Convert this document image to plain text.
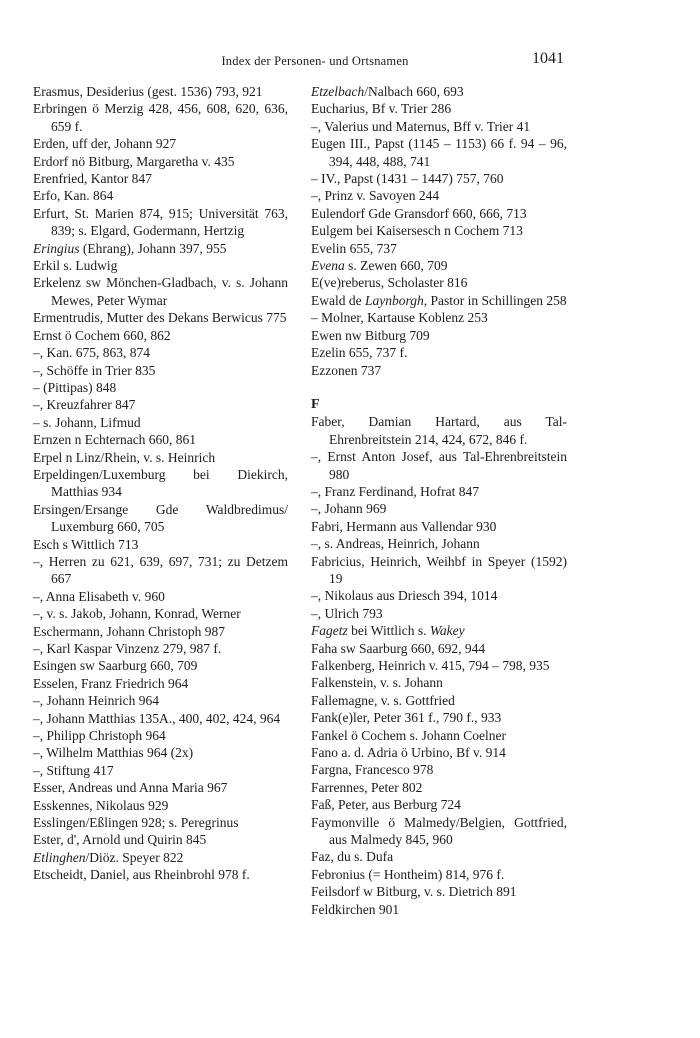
Index der Personen- und Ortsnamen	1041

Erasmus, Desiderius (gest. 1536) 793, 921

Erbringen ö Merzig 428, 456, 608, 620, 636, 659 f.

Erden, uff der, Johann 927

Erdorf nö Bitburg, Margaretha v. 435

Erenfried, Kantor 847

Erfo, Kan. 864

Erfurt, St. Marien 874, 915; Universität 763, 839; s. Elgard, Godermann, Hertzig

Eringius (Ehrang), Johann 397, 955

Erkil s. Ludwig

Erkelenz sw Mönchen-Gladbach, v. s. Johann Mewes, Peter Wymar

Ermentrudis, Mutter des Dekans Berwicus 775

Ernst ö Cochem 660, 862

–, Kan. 675, 863, 874

–, Schöffe in Trier 835

– (Pittipas) 848

–, Kreuzfahrer 847

– s. Johann, Lifmud

Ernzen n Echternach 660, 861

Erpel n Linz/Rhein, v. s. Heinrich

Erpeldingen/Luxemburg bei Diekirch, Matthias 934

Ersingen/Ersange Gde Waldbredimus/ Luxemburg 660, 705

Esch s Wittlich 713

–, Herren zu 621, 639, 697, 731; zu Detzem 667

–, Anna Elisabeth v. 960

–, v. s. Jakob, Johann, Konrad, Werner

Eschermann, Johann Christoph 987

–, Karl Kaspar Vinzenz 279, 987 f.

Esingen sw Saarburg 660, 709

Esselen, Franz Friedrich 964

–, Johann Heinrich 964

–, Johann Matthias 135A., 400, 402, 424, 964

–, Philipp Christoph 964

–, Wilhelm Matthias 964 (2x)

–, Stiftung 417

Esser, Andreas und Anna Maria 967

Esskennes, Nikolaus 929

Esslingen/Eßlingen 928; s. Peregrinus

Ester, d', Arnold und Quirin 845

Etlinghen/Diöz. Speyer 822

Etscheidt, Daniel, aus Rheinbrohl 978 f.

Etzelbach/Nalbach 660, 693

Eucharius, Bf v. Trier 286

–, Valerius und Maternus, Bff v. Trier 41

Eugen III., Papst (1145 – 1153) 66 f. 94 – 96, 394, 448, 488, 741

– IV., Papst (1431 – 1447) 757, 760

–, Prinz v. Savoyen 244

Eulendorf Gde Gransdorf 660, 666, 713

Eulgem bei Kaisersesch n Cochem 713

Evelin 655, 737

Evena s. Zewen 660, 709

E(ve)reberus, Scholaster 816

Ewald de Laynborgh, Pastor in Schillingen 258

– Molner, Kartause Koblenz 253

Ewen nw Bitburg 709

Ezelin 655, 737 f.

Ezzonen 737

F

Faber, Damian Hartard, aus Tal-Ehrenbreitstein 214, 424, 672, 846 f.

–, Ernst Anton Josef, aus Tal-Ehrenbreitstein 980

–, Franz Ferdinand, Hofrat 847

–, Johann 969

Fabri, Hermann aus Vallendar 930

–, s. Andreas, Heinrich, Johann

Fabricius, Heinrich, Weihbf in Speyer (1592) 19

–, Nikolaus aus Driesch 394, 1014

–, Ulrich 793

Fagetz bei Wittlich s. Wakey

Faha sw Saarburg 660, 692, 944

Falkenberg, Heinrich v. 415, 794 – 798, 935

Falkenstein, v. s. Johann

Fallemagne, v. s. Gottfried

Fank(e)ler, Peter 361 f., 790 f., 933

Fankel ö Cochem s. Johann Coelner

Fano a. d. Adria ö Urbino, Bf v. 914

Fargna, Francesco 978

Farrennes, Peter 802

Faß, Peter, aus Berburg 724

Faymonville ö Malmedy/Belgien, Gottfried, aus Malmedy 845, 960

Faz, du s. Dufa

Febronius (= Hontheim) 814, 976 f.

Feilsdorf w Bitburg, v. s. Dietrich 891

Feldkirchen 901
